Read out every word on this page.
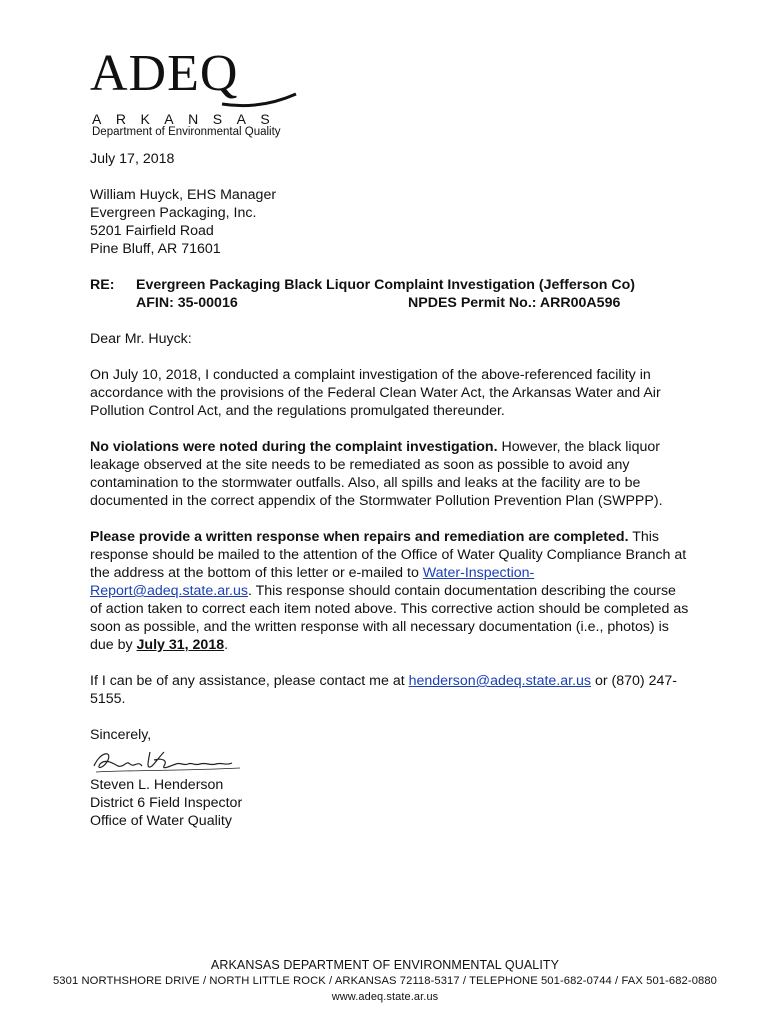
ADEQ
ARKANSAS
Department of Environmental Quality
July 17, 2018
William Huyck, EHS Manager
Evergreen Packaging, Inc.
5201 Fairfield Road
Pine Bluff, AR 71601
RE:	Evergreen Packaging Black Liquor Complaint Investigation (Jefferson Co)
AFIN: 35-00016	NPDES Permit No.: ARR00A596
Dear Mr. Huyck:

On July 10, 2018, I conducted a complaint investigation of the above-referenced facility in accordance with the provisions of the Federal Clean Water Act, the Arkansas Water and Air Pollution Control Act, and the regulations promulgated thereunder.

No violations were noted during the complaint investigation. However, the black liquor leakage observed at the site needs to be remediated as soon as possible to avoid any contamination to the stormwater outfalls. Also, all spills and leaks at the facility are to be documented in the correct appendix of the Stormwater Pollution Prevention Plan (SWPPP).

Please provide a written response when repairs and remediation are completed. This response should be mailed to the attention of the Office of Water Quality Compliance Branch at the address at the bottom of this letter or e-mailed to Water-Inspection-Report@adeq.state.ar.us. This response should contain documentation describing the course of action taken to correct each item noted above. This corrective action should be completed as soon as possible, and the written response with all necessary documentation (i.e., photos) is due by July 31, 2018.

If I can be of any assistance, please contact me at henderson@adeq.state.ar.us or (870) 247-5155.

Sincerely,
Steven L. Henderson
District 6 Field Inspector
Office of Water Quality
ARKANSAS DEPARTMENT OF ENVIRONMENTAL QUALITY
5301 NORTHSHORE DRIVE / NORTH LITTLE ROCK / ARKANSAS 72118-5317 / TELEPHONE 501-682-0744 / FAX 501-682-0880
www.adeq.state.ar.us
